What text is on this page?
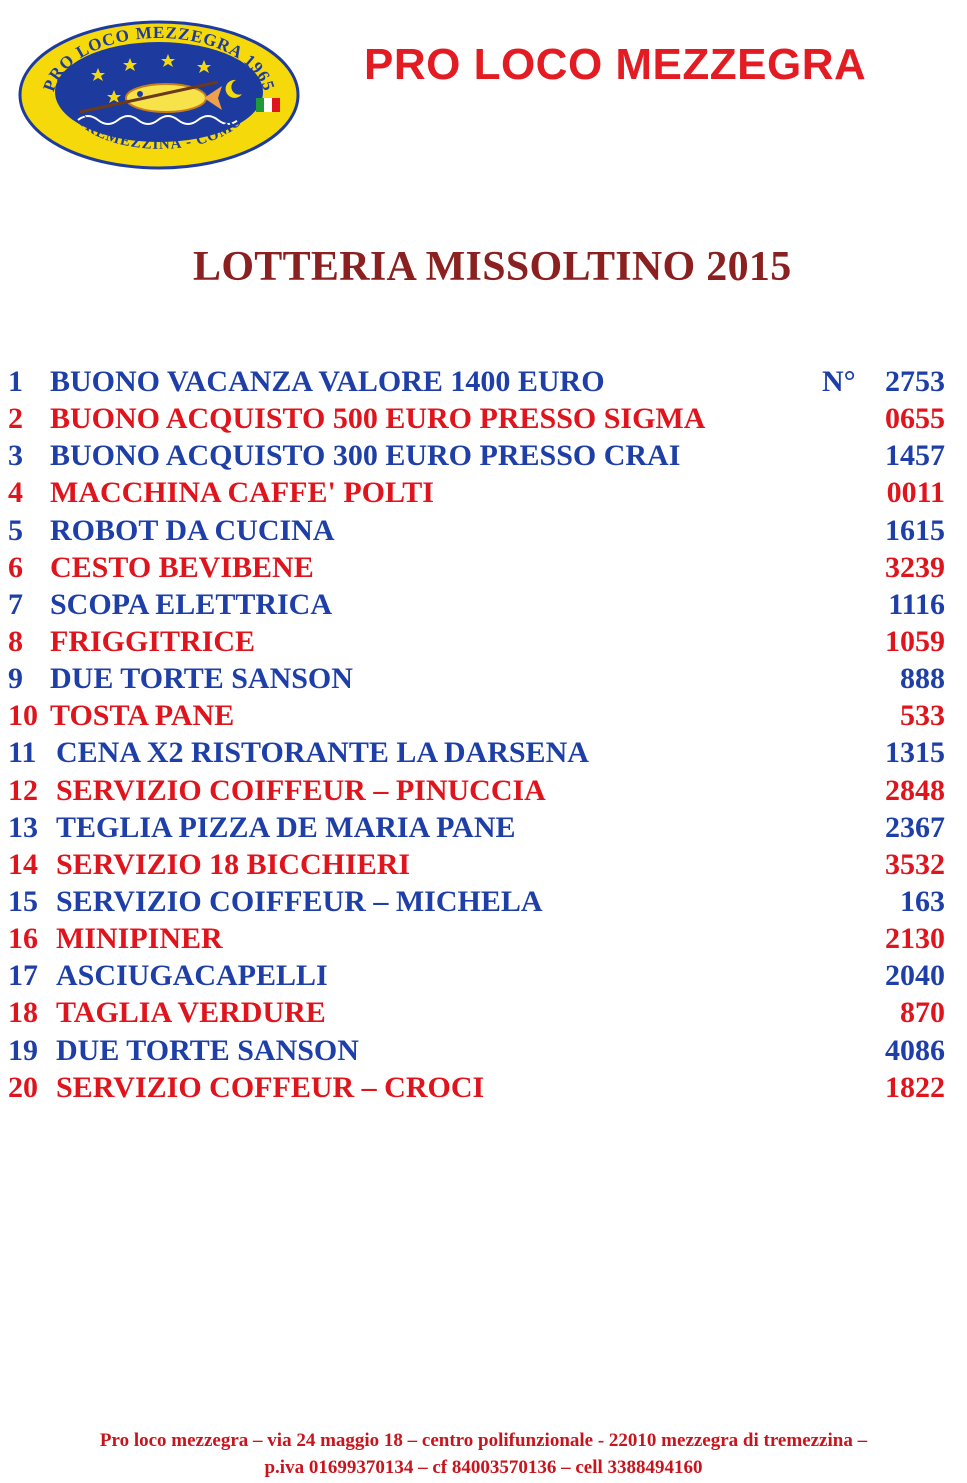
PRO LOCO MEZZEGRA 1965
TREMEZZINA - COMO
PRO LOCO MEZZEGRA
LOTTERIA MISSOLTINO 2015
1 BUONO VACANZA VALORE 1400 EURO	N° 2753
2 BUONO ACQUISTO 500 EURO PRESSO SIGMA	0655
3 BUONO ACQUISTO 300 EURO PRESSO CRAI	1457
4 MACCHINA CAFFE' POLTI	0011
5 ROBOT DA CUCINA	1615
6 CESTO BEVIBENE	3239
7 SCOPA ELETTRICA	1116
8 FRIGGITRICE	1059
9 DUE TORTE SANSON	888
10 TOSTA PANE	533
11 CENA X2 RISTORANTE LA DARSENA	1315
12 SERVIZIO COIFFEUR – PINUCCIA	2848
13 TEGLIA PIZZA DE MARIA PANE	2367
14 SERVIZIO 18 BICCHIERI	3532
15 SERVIZIO COIFFEUR – MICHELA	163
16 MINIPINER	2130
17 ASCIUGACAPELLI	2040
18 TAGLIA VERDURE	870
19 DUE TORTE SANSON	4086
20 SERVIZIO COFFEUR – CROCI	1822
Pro loco mezzegra – via 24 maggio 18 – centro polifunzionale - 22010 mezzegra di tremezzina –
p.iva 01699370134 – cf 84003570136 – cell 3388494160
